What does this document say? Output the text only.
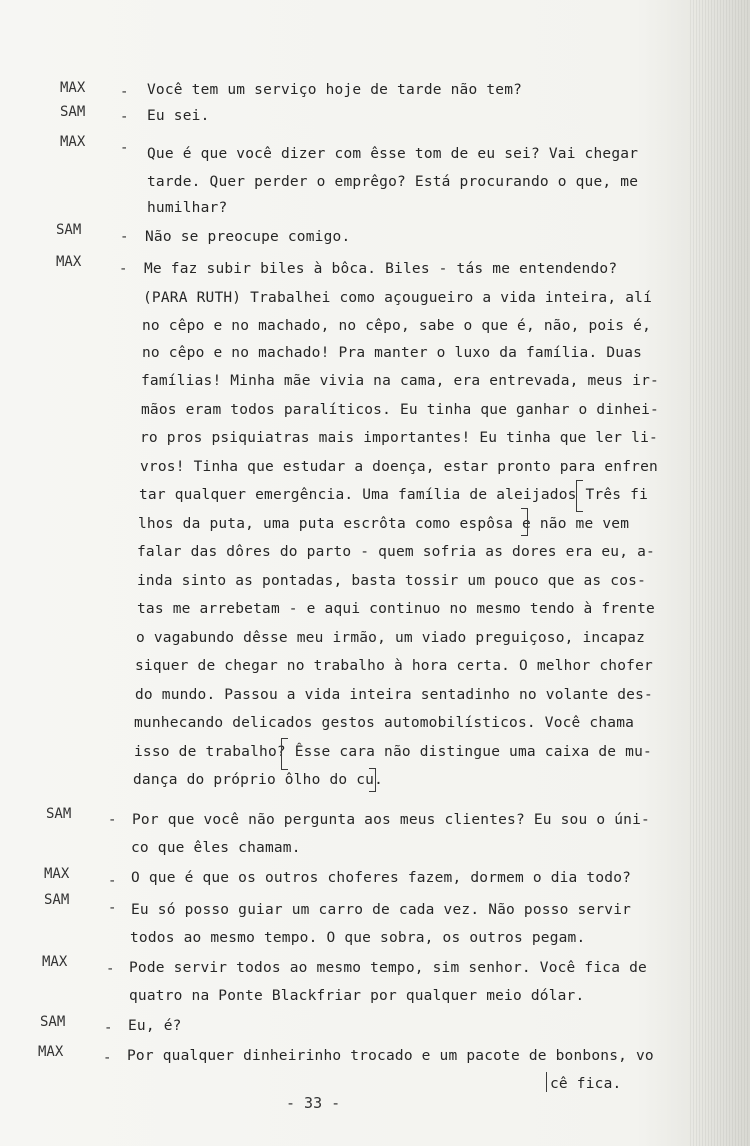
MAX - Você tem um serviço hoje de tarde não tem?
SAM - Eu sei.
MAX - Que é que você dizer com êsse tom de eu sei? Vai chegar
tarde. Quer perder o emprêgo? Está procurando o que, me
humilhar?
SAM	- Não se preocupe comigo.
MAX	- Me faz subir biles à bôca. Biles - tás me entendendo?
(PARA RUTH) Trabalhei como açougueiro a vida inteira, alí
no cêpo e no machado, no cêpo, sabe o que é, não, pois é,
no cêpo e no machado! Pra manter o luxo da família. Duas
famílias! Minha mãe vivia na cama, era entrevada, meus ir-
mãos eram todos paralíticos. Eu tinha que ganhar o dinhei-
ro pros psiquiatras mais importantes! Eu tinha que ler li-
vros! Tinha que estudar a doença, estar pronto para enfren
tar qualquer emergência. Uma família de aleijados Três fi
lhos da puta, uma puta escrôta como espôsa e não me vem
falar das dôres do parto - quem sofria as dores era eu, a-
inda sinto as pontadas, basta tossir um pouco que as cos-
tas me arrebetam - e aqui continuo no mesmo tendo à frente
o vagabundo dêsse meu irmão, um viado preguiçoso, incapaz
siquer de chegar no trabalho à hora certa. O melhor chofer
do mundo. Passou a vida inteira sentadinho no volante des-
munhecando delicados gestos automobilísticos. Você chama
isso de trabalho? Êsse cara não distingue uma caixa de mu-
dança do próprio ôlho do cu.
SAM	- Por que você não pergunta aos meus clientes? Eu sou o úni-
co que êles chamam.
MAX	- O que é que os outros choferes fazem, dormem o dia todo?
SAM	- Eu só posso guiar um carro de cada vez. Não posso servir
todos ao mesmo tempo. O que sobra, os outros pegam.
MAX	- Pode servir todos ao mesmo tempo, sim senhor. Você fica de
quatro na Ponte Blackfriar por qualquer meio dólar.
SAM	- Eu, é?
MAX	- Por qualquer dinheirinho trocado e um pacote de bonbons, vo
cê fica.
- 33 -
